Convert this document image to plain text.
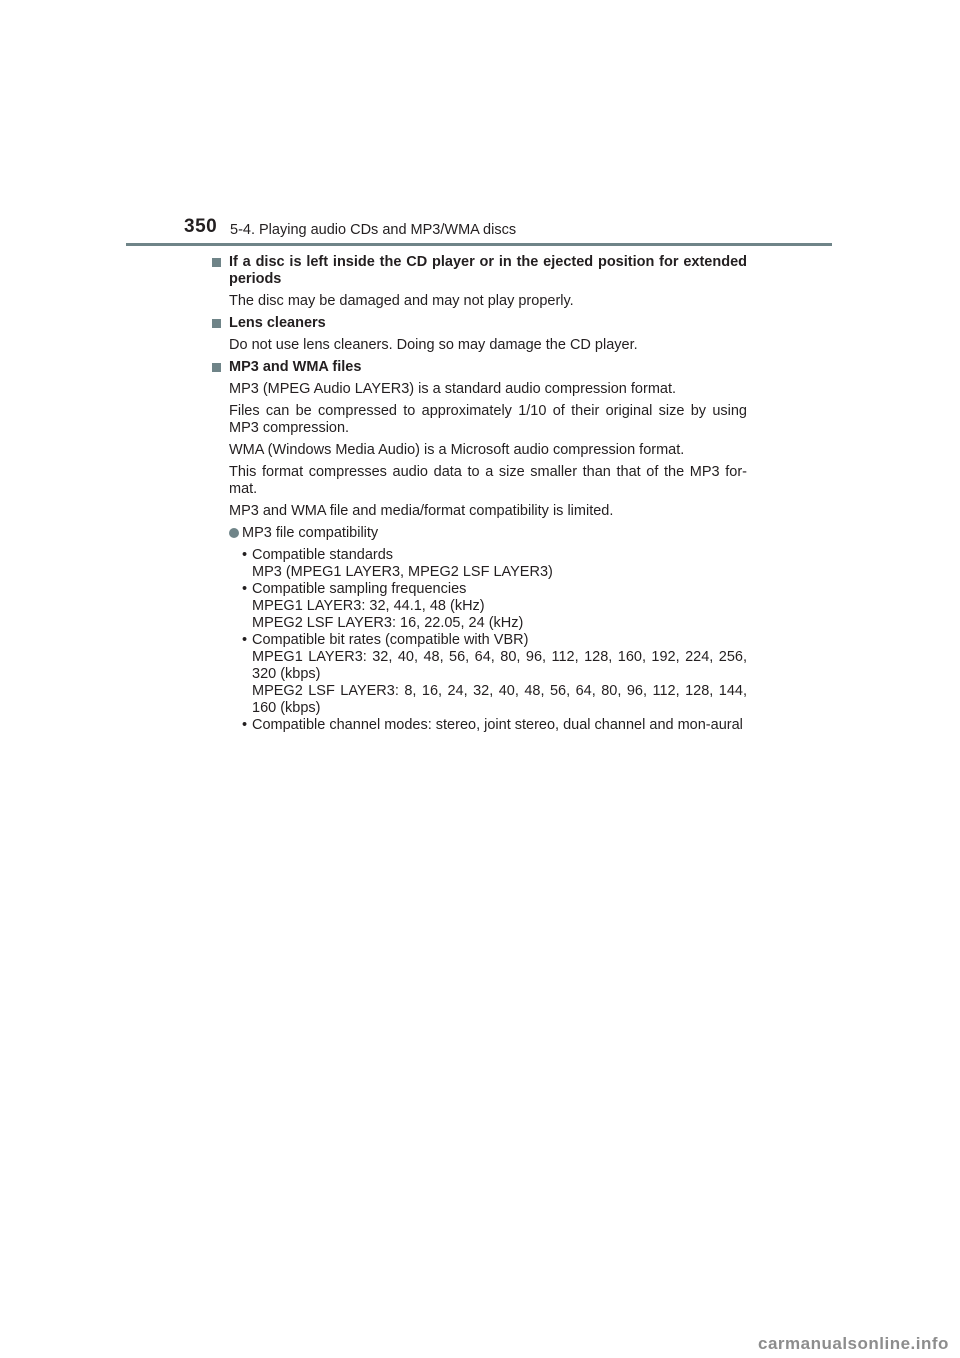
350 5-4. Playing audio CDs and MP3/WMA discs
If a disc is left inside the CD player or in the ejected position for extended periods
The disc may be damaged and may not play properly.
Lens cleaners
Do not use lens cleaners. Doing so may damage the CD player.
MP3 and WMA files
MP3 (MPEG Audio LAYER3) is a standard audio compression format.
Files can be compressed to approximately 1/10 of their original size by using MP3 compression.
WMA (Windows Media Audio) is a Microsoft audio compression format.
This format compresses audio data to a size smaller than that of the MP3 for-mat.
MP3 and WMA file and media/format compatibility is limited.
MP3 file compatibility
• Compatible standards
MP3 (MPEG1 LAYER3, MPEG2 LSF LAYER3)
• Compatible sampling frequencies
MPEG1 LAYER3: 32, 44.1, 48 (kHz)
MPEG2 LSF LAYER3: 16, 22.05, 24 (kHz)
• Compatible bit rates (compatible with VBR)
MPEG1 LAYER3: 32, 40, 48, 56, 64, 80, 96, 112, 128, 160, 192, 224, 256, 320 (kbps)
MPEG2 LSF LAYER3: 8, 16, 24, 32, 40, 48, 56, 64, 80, 96, 112, 128, 144, 160 (kbps)
• Compatible channel modes: stereo, joint stereo, dual channel and mon-aural
carmanualsonline.info
